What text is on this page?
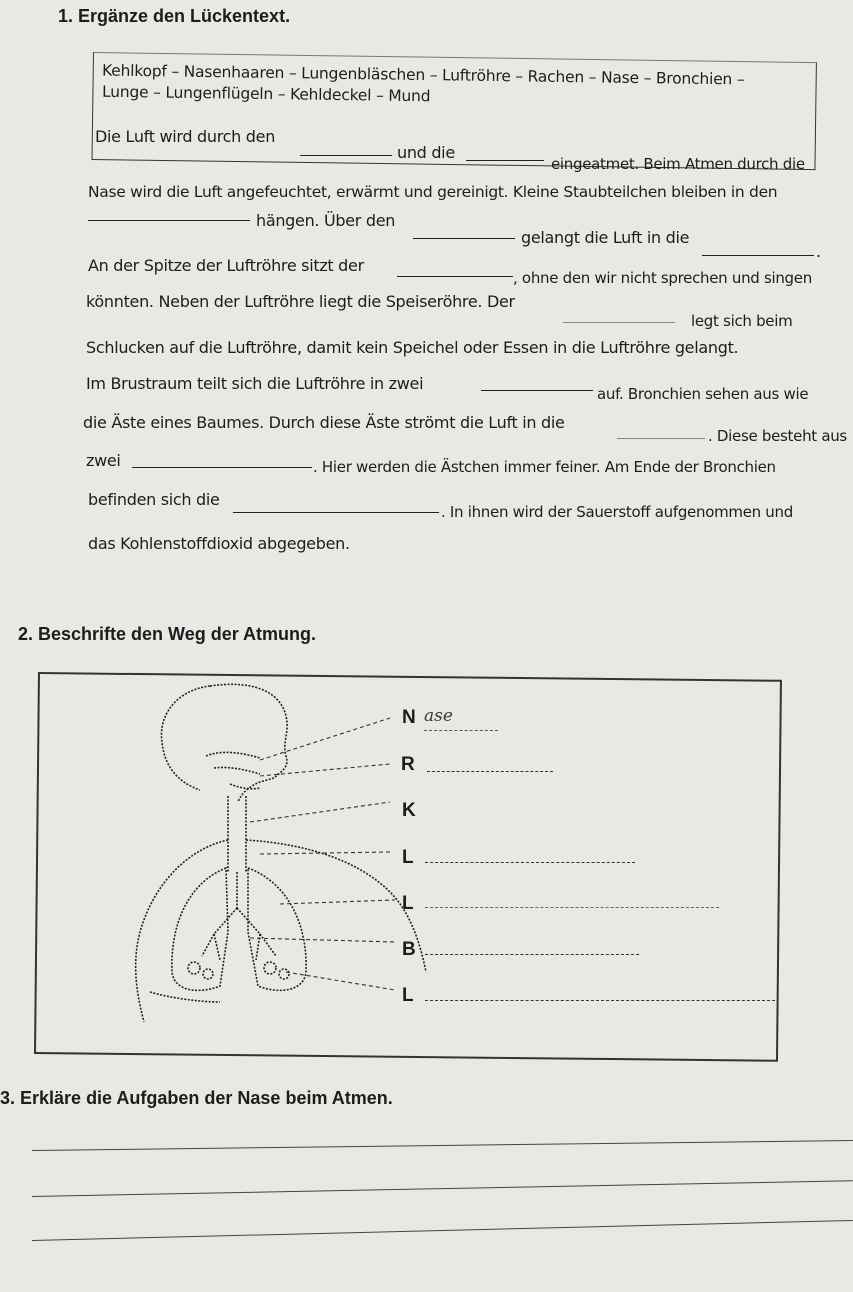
1. Ergänze den Lückentext.
Kehlkopf – Nasenhaaren – Lungenbläschen – Luftröhre – Rachen – Nase – Bronchien –
Lunge – Lungenflügeln – Kehldeckel – Mund
Die Luft wird durch den
und die
eingeatmet. Beim Atmen durch die
Nase wird die Luft angefeuchtet, erwärmt und gereinigt. Kleine Staubteilchen bleiben in den
hängen. Über den
gelangt die Luft in die
.
An der Spitze der Luftröhre sitzt der
, ohne den wir nicht sprechen und singen
könnten. Neben der Luftröhre liegt die Speiseröhre. Der
legt sich beim
Schlucken auf die Luftröhre, damit kein Speichel oder Essen in die Luftröhre gelangt.
Im Brustraum teilt sich die Luftröhre in zwei
auf. Bronchien sehen aus wie
die Äste eines Baumes. Durch diese Äste strömt die Luft in die
. Diese besteht aus
zwei	. Hier werden die Ästchen immer feiner. Am Ende der Bronchien
befinden sich die
. In ihnen wird der Sauerstoff aufgenommen und
das Kohlenstoffdioxid abgegeben.
2. Beschrifte den Weg der Atmung.
N ase
R
K
L
L
B
L
3. Erkläre die Aufgaben der Nase beim Atmen.
